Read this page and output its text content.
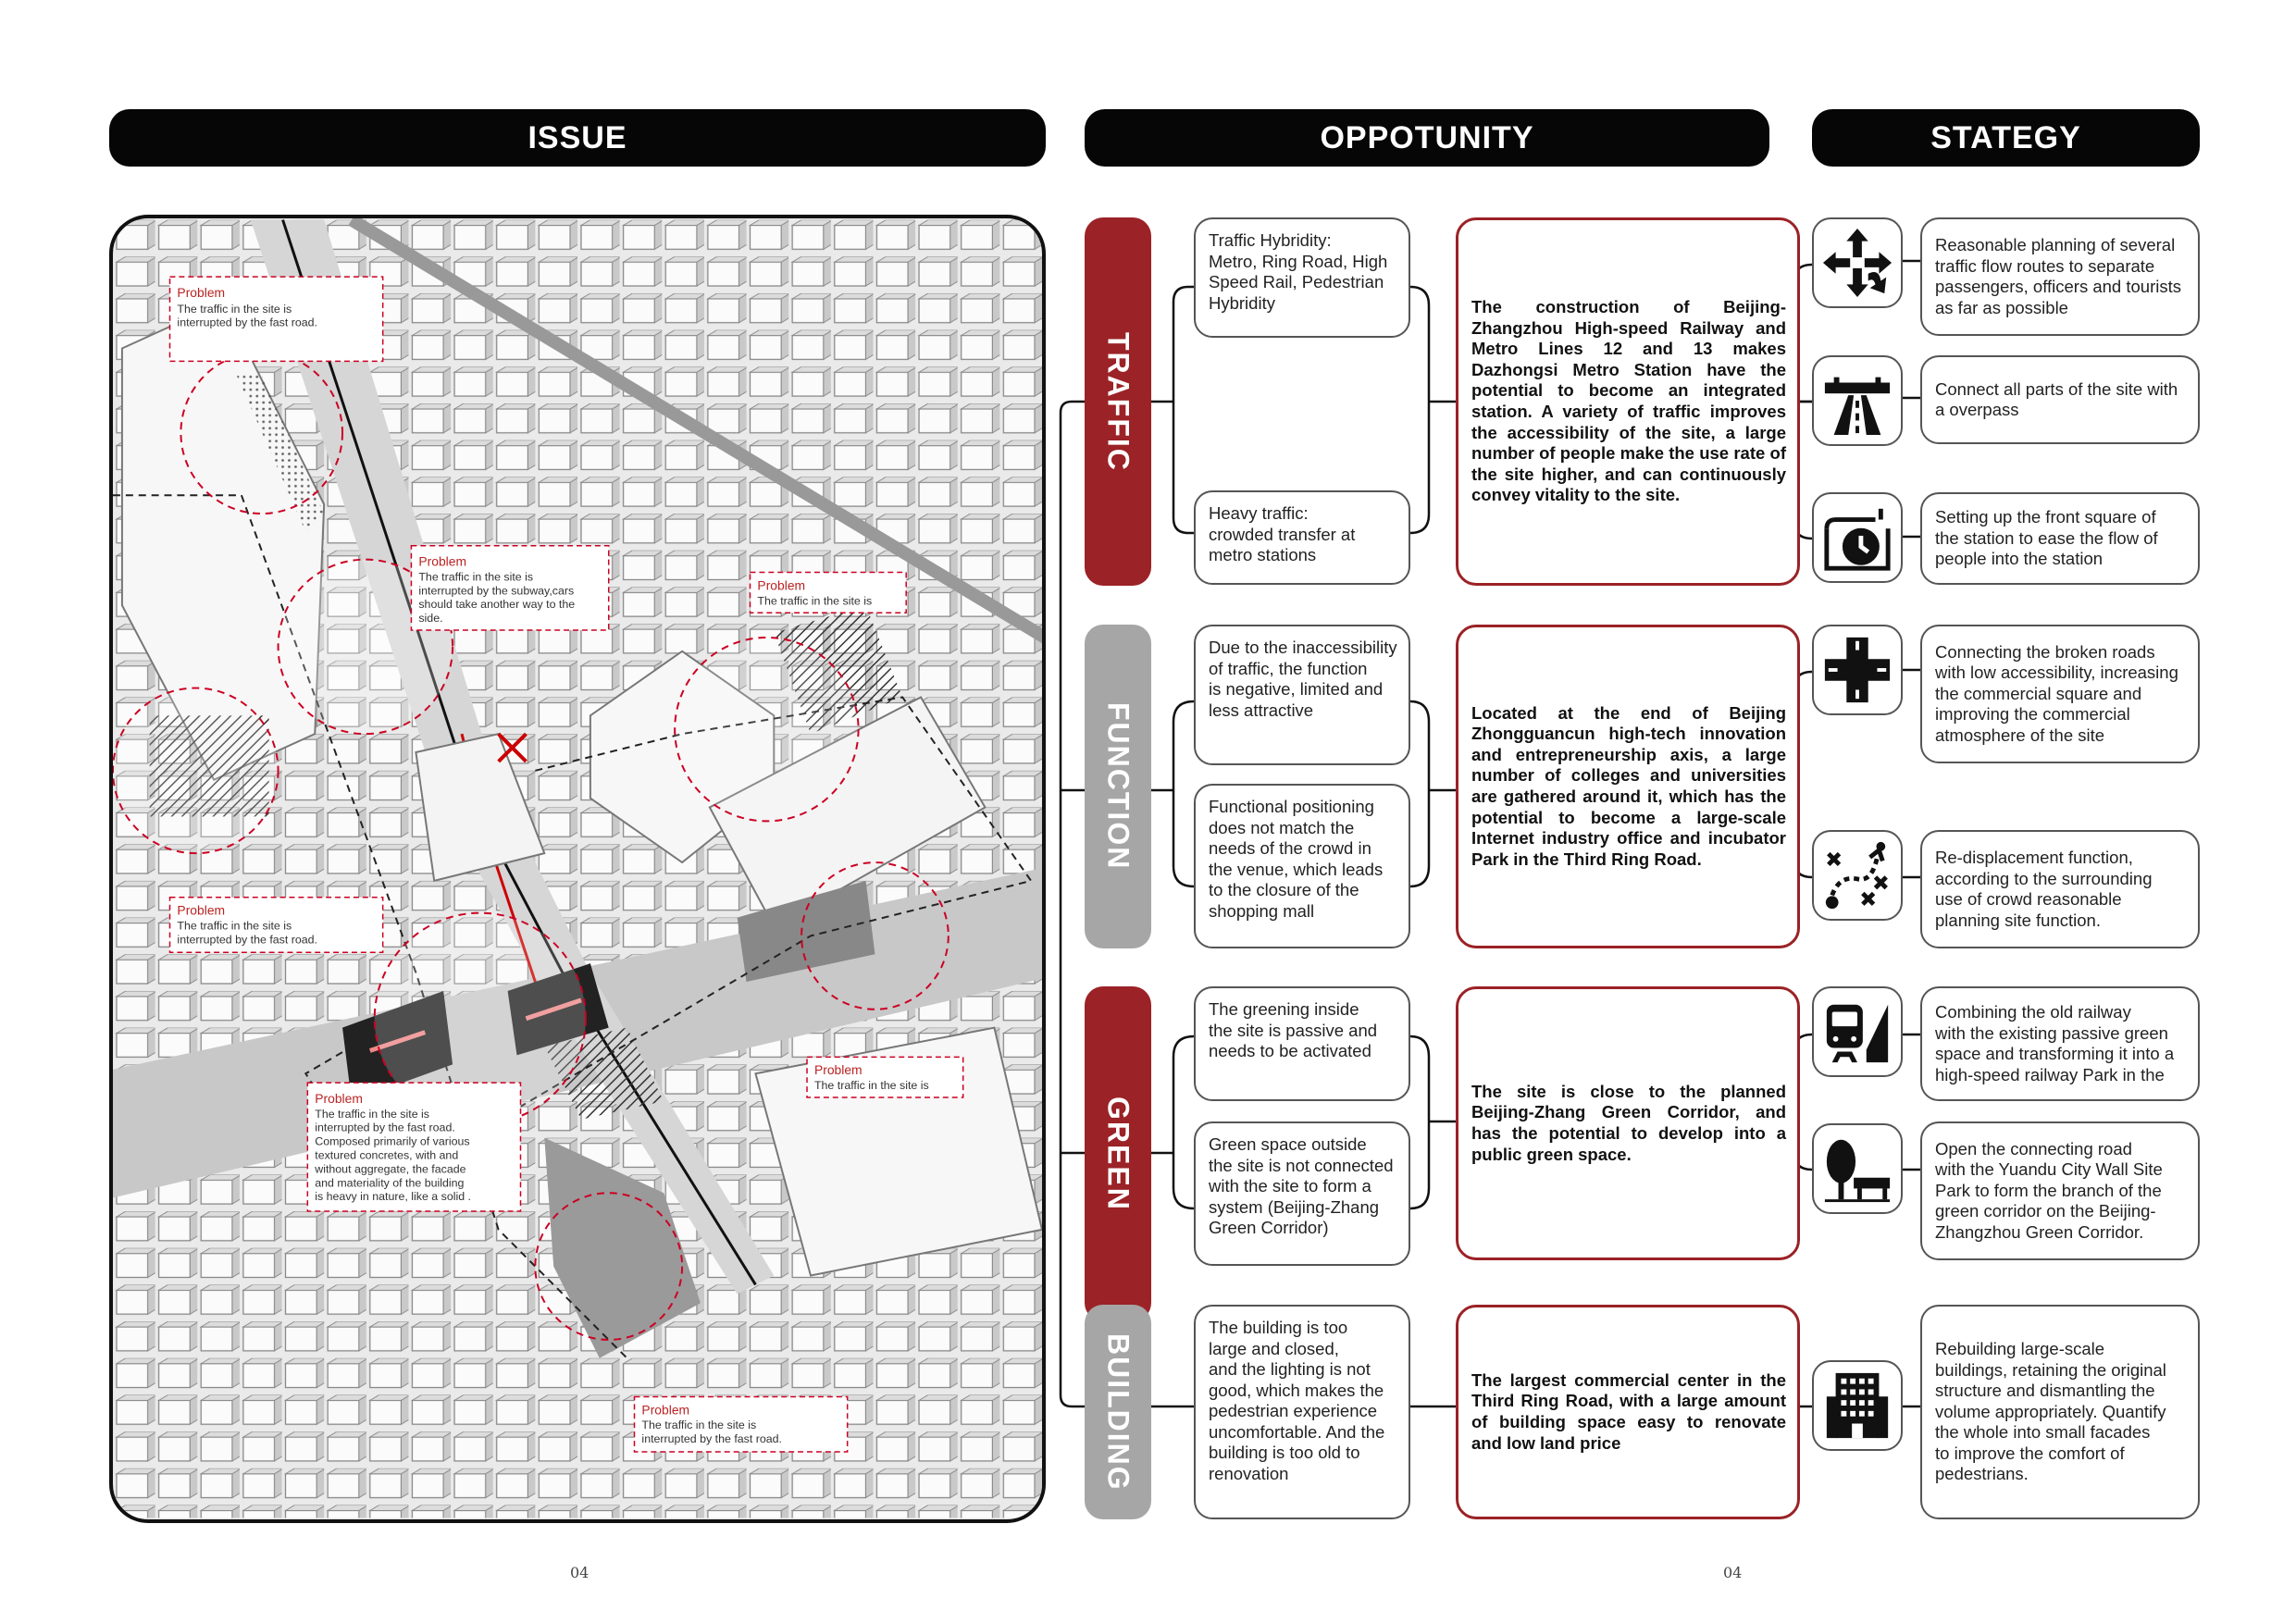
ISSUE	OPPOTUNITY	STATEGY
Problem
The traffic in the site is
interrupted by the fast road.
Problem
The traffic in the site is
interrupted by the subway,cars
should take another way to the
side.
Problem
The traffic in the site is
Problem
The traffic in the site is
interrupted by the fast road.
Problem
The traffic in the site is
Problem
The traffic in the site is
interrupted by the fast road.
Composed primarily of various
textured concretes, with and
without aggregate, the facade
and materiality of the building
is heavy in nature, like a solid .
Problem
The traffic in the site is
interrupted by the fast road.
TRAFFIC
FUNCTION
GREEN
BUILDING
Traffic Hybridity:
Metro, Ring Road, High
Speed Rail, Pedestrian
Hybridity
Heavy traffic:
crowded transfer at
metro stations
Due to the inaccessibility
of traffic, the function
is negative, limited and
less attractive
Functional positioning
does not match the
needs of the crowd in
the venue, which leads
to the closure of the
shopping mall
The greening inside
the site is passive and
needs to be activated
Green space outside
the site is not connected
with the site to form a
system (Beijing-Zhang
Green Corridor)
The building is too
large and closed,
and the lighting is not
good, which makes the
pedestrian experience
uncomfortable. And the
building is too old to
renovation
The construction of Beijing-Zhangzhou High-speed Railway and Metro Lines 12 and 13 makes Dazhongsi Metro Station have the potential to become an integrated station. A variety of traffic improves the accessibility of the site, a large number of people make the use rate of the site higher, and can continuously convey vitality to the site.
Located at the end of Beijing Zhongguancun high-tech innovation and entrepreneurship axis, a large number of colleges and universities are gathered around it, which has the potential to become a large-scale Internet industry office and incubator Park in the Third Ring Road.
The site is close to the planned Beijing-Zhang Green Corridor, and has the potential to develop into a public green space.
The largest commercial center in the Third Ring Road, with a large amount of building space easy to renovate and low land price
Reasonable planning of several
traffic flow routes to separate
passengers, officers and tourists
as far as possible
Connect all parts of the site with
a overpass
Setting up the front square of
the station to ease the flow of
people into the station
Connecting the broken roads
with low accessibility, increasing
the commercial square and
improving the commercial
atmosphere of the site
Re-displacement function,
according to the surrounding
use of crowd reasonable
planning site function.
Combining the old railway
with the existing passive green
space and transforming it into a
high-speed railway Park in the
Open the connecting road
with the Yuandu City Wall Site
Park to form the branch of the
green corridor on the Beijing-
Zhangzhou Green Corridor.
Rebuilding large-scale
buildings, retaining the original
structure and dismantling the
volume appropriately. Quantify
the whole into small facades
to improve the comfort of
pedestrians.
04	04
